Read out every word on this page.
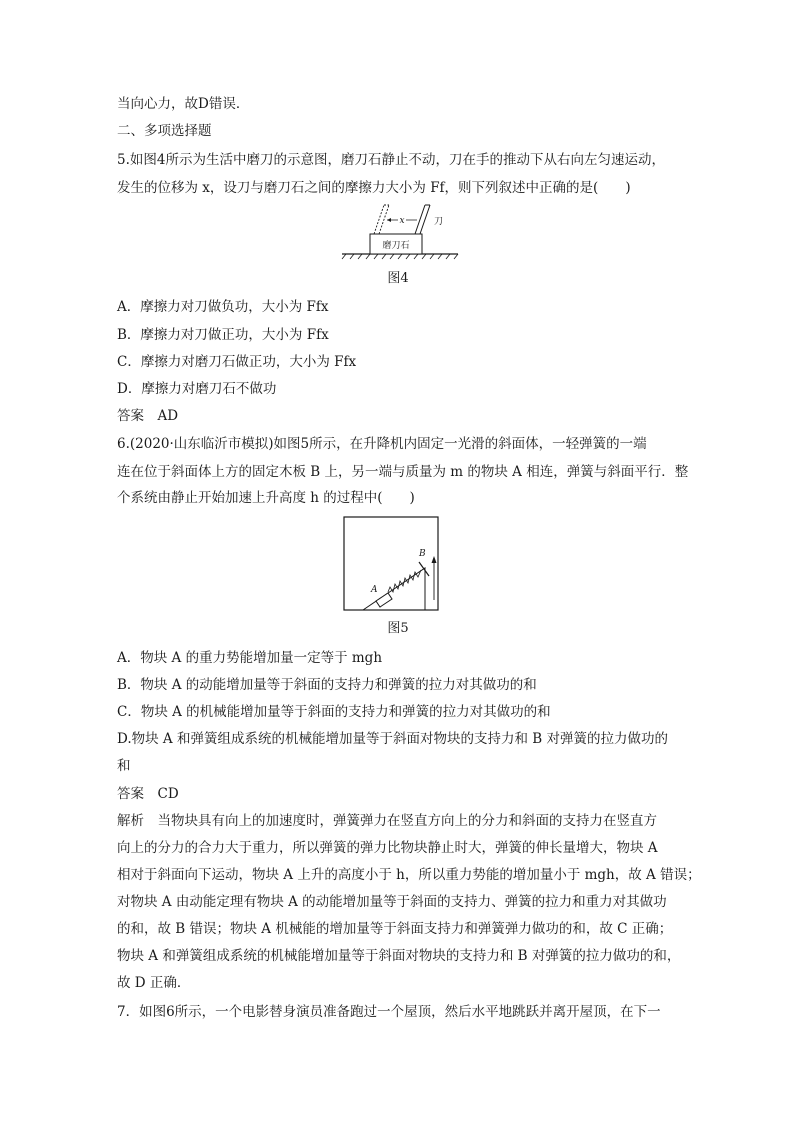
当向心力，故D错误．
二、多项选择题
5.如图4所示为生活中磨刀的示意图，磨刀石静止不动，刀在手的推动下从右向左匀速运动，
发生的位移为 x，设刀与磨刀石之间的摩擦力大小为 Ff，则下列叙述中正确的是(　　)
磨刀石
刀
x
图4
A．摩擦力对刀做负功，大小为 Ffx
B．摩擦力对刀做正功，大小为 Ffx
C．摩擦力对磨刀石做正功，大小为 Ffx
D．摩擦力对磨刀石不做功
答案　AD
6.(2020·山东临沂市模拟)如图5所示，在升降机内固定一光滑的斜面体，一轻弹簧的一端
连在位于斜面体上方的固定木板 B 上，另一端与质量为 m 的物块 A 相连，弹簧与斜面平行．整
个系统由静止开始加速上升高度 h 的过程中(　　)
B
A
图5
A．物块 A 的重力势能增加量一定等于 mgh
B．物块 A 的动能增加量等于斜面的支持力和弹簧的拉力对其做功的和
C．物块 A 的机械能增加量等于斜面的支持力和弹簧的拉力对其做功的和
D.物块 A 和弹簧组成系统的机械能增加量等于斜面对物块的支持力和 B 对弹簧的拉力做功的
和
答案　CD
解析　当物块具有向上的加速度时，弹簧弹力在竖直方向上的分力和斜面的支持力在竖直方
向上的分力的合力大于重力，所以弹簧的弹力比物块静止时大，弹簧的伸长量增大，物块 A
相对于斜面向下运动，物块 A 上升的高度小于 h，所以重力势能的增加量小于 mgh，故 A 错误；
对物块 A 由动能定理有物块 A 的动能增加量等于斜面的支持力、弹簧的拉力和重力对其做功
的和，故 B 错误；物块 A 机械能的增加量等于斜面支持力和弹簧弹力做功的和，故 C 正确；
物块 A 和弹簧组成系统的机械能增加量等于斜面对物块的支持力和 B 对弹簧的拉力做功的和，
故 D 正确．
7．如图6所示，一个电影替身演员准备跑过一个屋顶，然后水平地跳跃并离开屋顶，在下一
